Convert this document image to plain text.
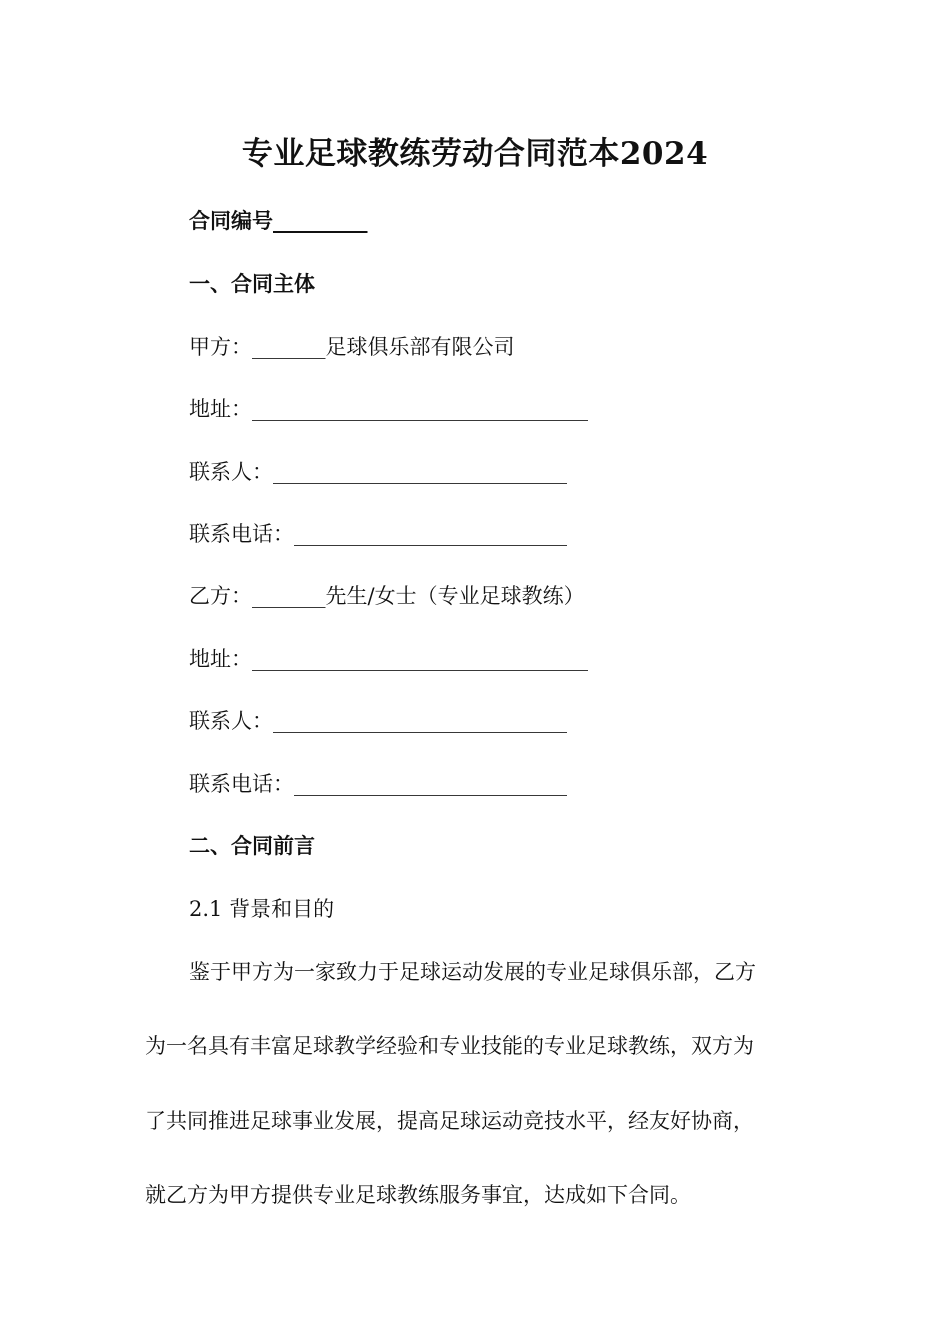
专业足球教练劳动合同范本2024
合同编号_________
一、合同主体
甲方：_______足球俱乐部有限公司
地址：________________________________
联系人：____________________________
联系电话：__________________________
乙方：_______先生/女士（专业足球教练）
地址：________________________________
联系人：____________________________
联系电话：__________________________
二、合同前言
2.1 背景和目的
鉴于甲方为一家致力于足球运动发展的专业足球俱乐部，乙方
为一名具有丰富足球教学经验和专业技能的专业足球教练，双方为
了共同推进足球事业发展，提高足球运动竞技水平，经友好协商，
就乙方为甲方提供专业足球教练服务事宜，达成如下合同。
